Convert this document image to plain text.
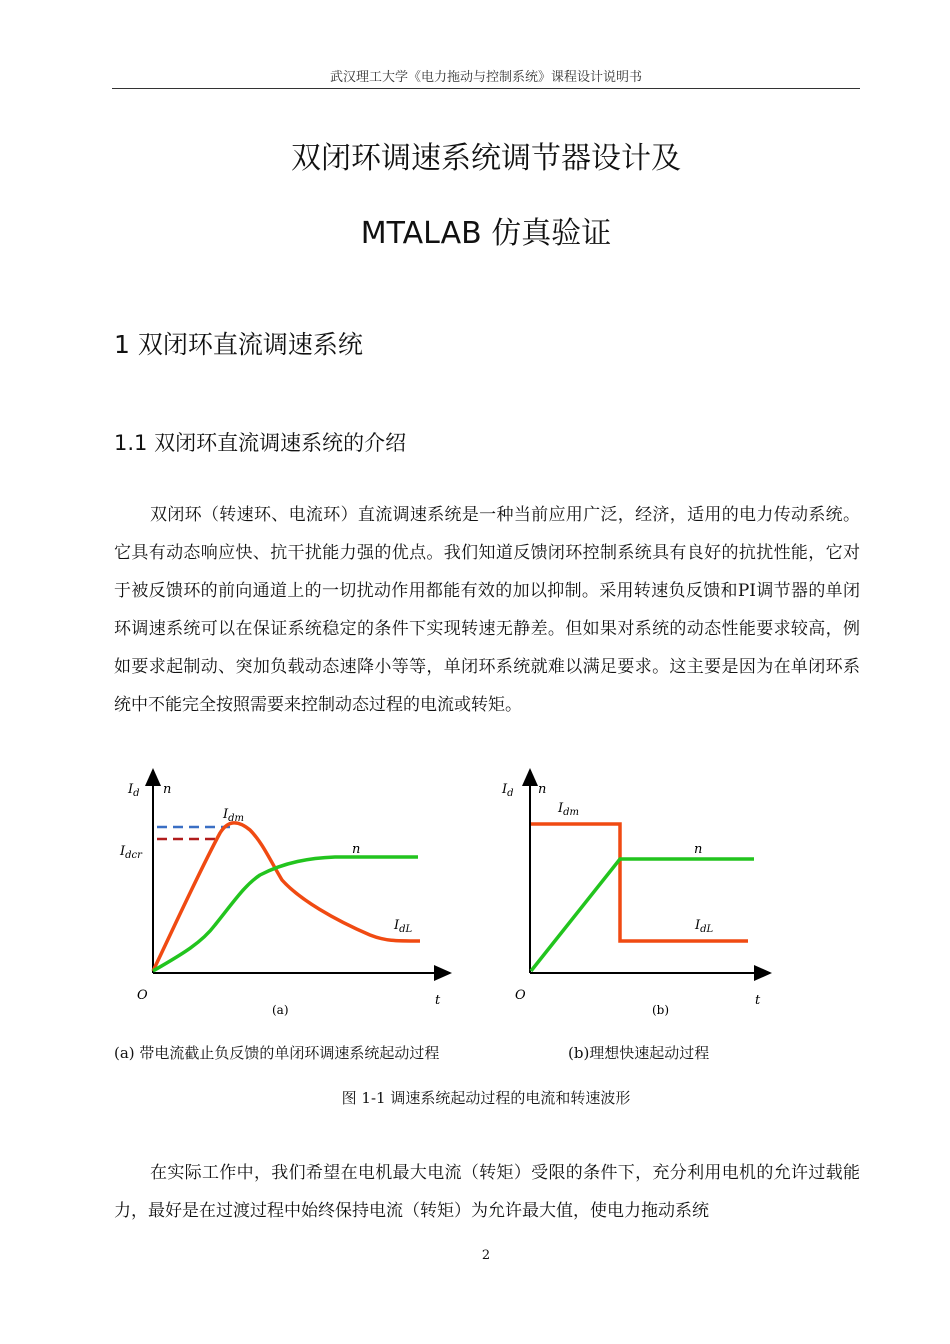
武汉理工大学《电力拖动与控制系统》课程设计说明书
双闭环调速系统调节器设计及
MTALAB 仿真验证
1 双闭环直流调速系统
1.1 双闭环直流调速系统的介绍

双闭环（转速环、电流环）直流调速系统是一种当前应用广泛，经济，适用的电力传动系统。它具有动态响应快、抗干扰能力强的优点。我们知道反馈闭环控制系统具有良好的抗扰性能，它对于被反馈环的前向通道上的一切扰动作用都能有效的加以抑制。采用转速负反馈和PI调节器的单闭环调速系统可以在保证系统稳定的条件下实现转速无静差。但如果对系统的动态性能要求较高，例如要求起制动、突加负载动态速降小等等，单闭环系统就难以满足要求。这主要是因为在单闭环系统中不能完全按照需要来控制动态过程的电流或转矩。

$I_d$ n
$I_{dm}$
$I_{dcr}$	n
$I_{dL}$
O	t
(a)
$I_d$ n
$I_{dm}$
n
$I_{dL}$
O	t
(b)
(a) 带电流截止负反馈的单闭环调速系统起动过程	(b)理想快速起动过程
图 1-1 调速系统起动过程的电流和转速波形

在实际工作中，我们希望在电机最大电流（转矩）受限的条件下，充分利用电机的允许过载能力，最好是在过渡过程中始终保持电流（转矩）为允许最大值，使电力拖动系统

2
